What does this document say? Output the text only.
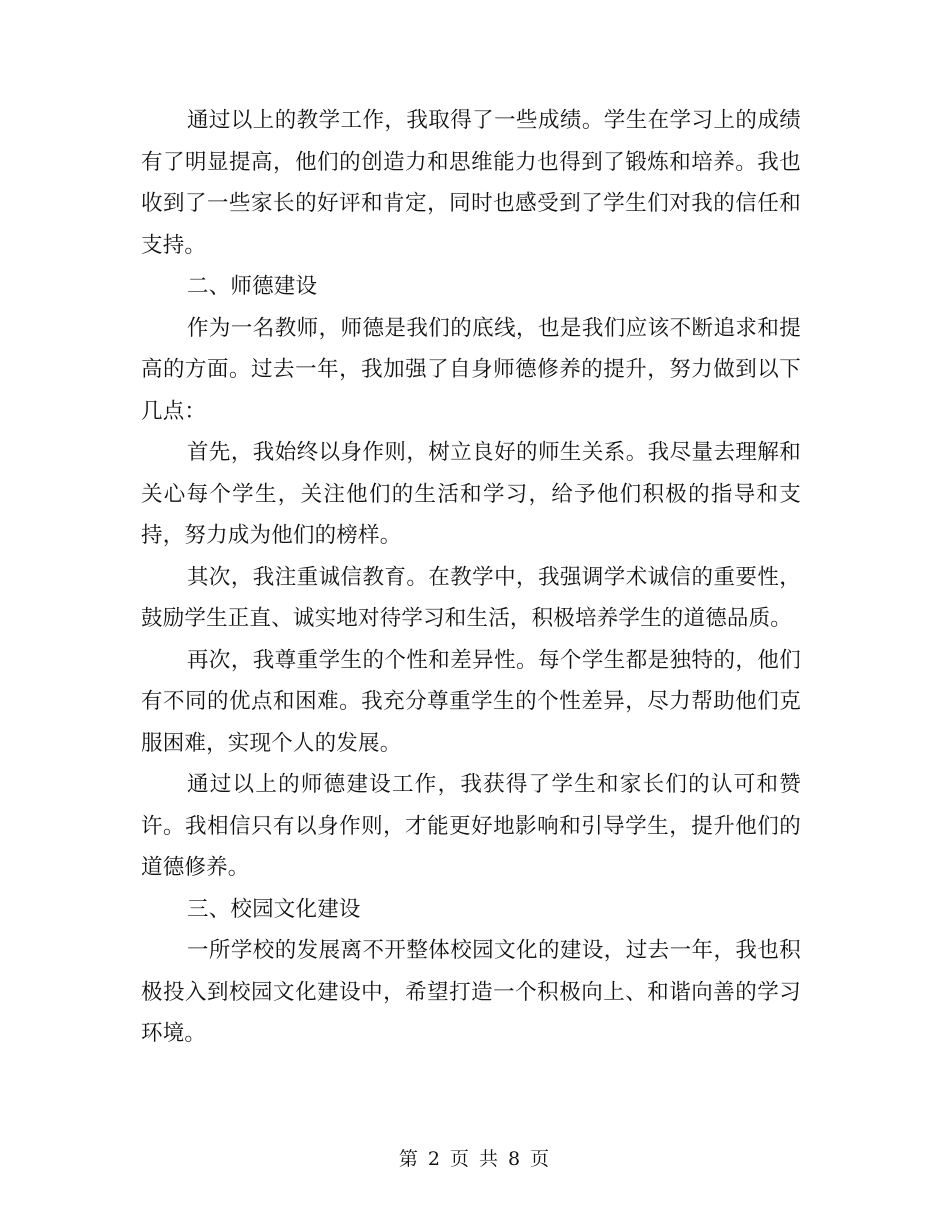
通过以上的教学工作，我取得了一些成绩。学生在学习上的成绩有了明显提高，他们的创造力和思维能力也得到了锻炼和培养。我也收到了一些家长的好评和肯定，同时也感受到了学生们对我的信任和支持。

二、师德建设

作为一名教师，师德是我们的底线，也是我们应该不断追求和提高的方面。过去一年，我加强了自身师德修养的提升，努力做到以下几点：

首先，我始终以身作则，树立良好的师生关系。我尽量去理解和关心每个学生，关注他们的生活和学习，给予他们积极的指导和支持，努力成为他们的榜样。

其次，我注重诚信教育。在教学中，我强调学术诚信的重要性，鼓励学生正直、诚实地对待学习和生活，积极培养学生的道德品质。

再次，我尊重学生的个性和差异性。每个学生都是独特的，他们有不同的优点和困难。我充分尊重学生的个性差异，尽力帮助他们克服困难，实现个人的发展。

通过以上的师德建设工作，我获得了学生和家长们的认可和赞许。我相信只有以身作则，才能更好地影响和引导学生，提升他们的道德修养。

三、校园文化建设

一所学校的发展离不开整体校园文化的建设，过去一年，我也积极投入到校园文化建设中，希望打造一个积极向上、和谐向善的学习环境。

第 2 页 共 8 页
